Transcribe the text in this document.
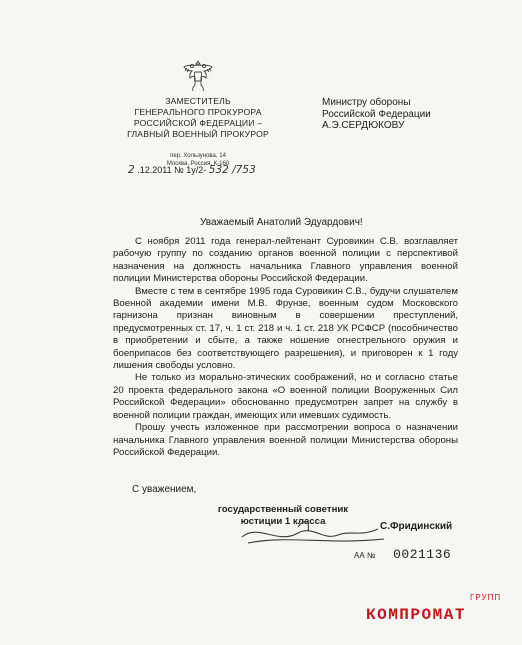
ЗАМЕСТИТЕЛЬ
ГЕНЕРАЛЬНОГО ПРОКУРОРА
РОССИЙСКОЙ ФЕДЕРАЦИИ –
ГЛАВНЫЙ ВОЕННЫЙ ПРОКУРОР
пер. Хользунова, 14
Москва, Россия, К-160
2 .12.2011 № 1у/2- 532 /753
Министру обороны
Российской Федерации
А.Э.СЕРДЮКОВУ
Уважаемый Анатолий Эдуардович!

С ноября 2011 года генерал-лейтенант Суровикин С.В. возглавляет рабочую группу по созданию органов военной полиции с перспективой назначения на должность начальника Главного управления военной полиции Министерства обороны Российской Федерации.

Вместе с тем в сентябре 1995 года Суровикин С.В., будучи слушателем Военной академии имени М.В. Фрунзе, военным судом Московского гарнизона признан виновным в совершении преступлений, предусмотренных ст. 17, ч. 1 ст. 218 и ч. 1 ст. 218 УК РСФСР (пособничество в приобретении и сбыте, а также ношение огнестрельного оружия и боеприпасов без соответствующего разрешения), и приговорен к 1 году лишения свободы условно.

Не только из морально-этических соображений, но и согласно статье 20 проекта федерального закона «О военной полиции Вооруженных Сил Российской Федерации» обоснованно предусмотрен запрет на службу в военной полиции граждан, имеющих или имевших судимость.

Прошу учесть изложенное при рассмотрении вопроса о назначении начальника Главного управления военной полиции Министерства обороны Российской Федерации.

С уважением,
государственный советник
юстиции 1 класса	С.Фридинский
АА № 0021136
ГРУПП
КОМПРОМАТ
